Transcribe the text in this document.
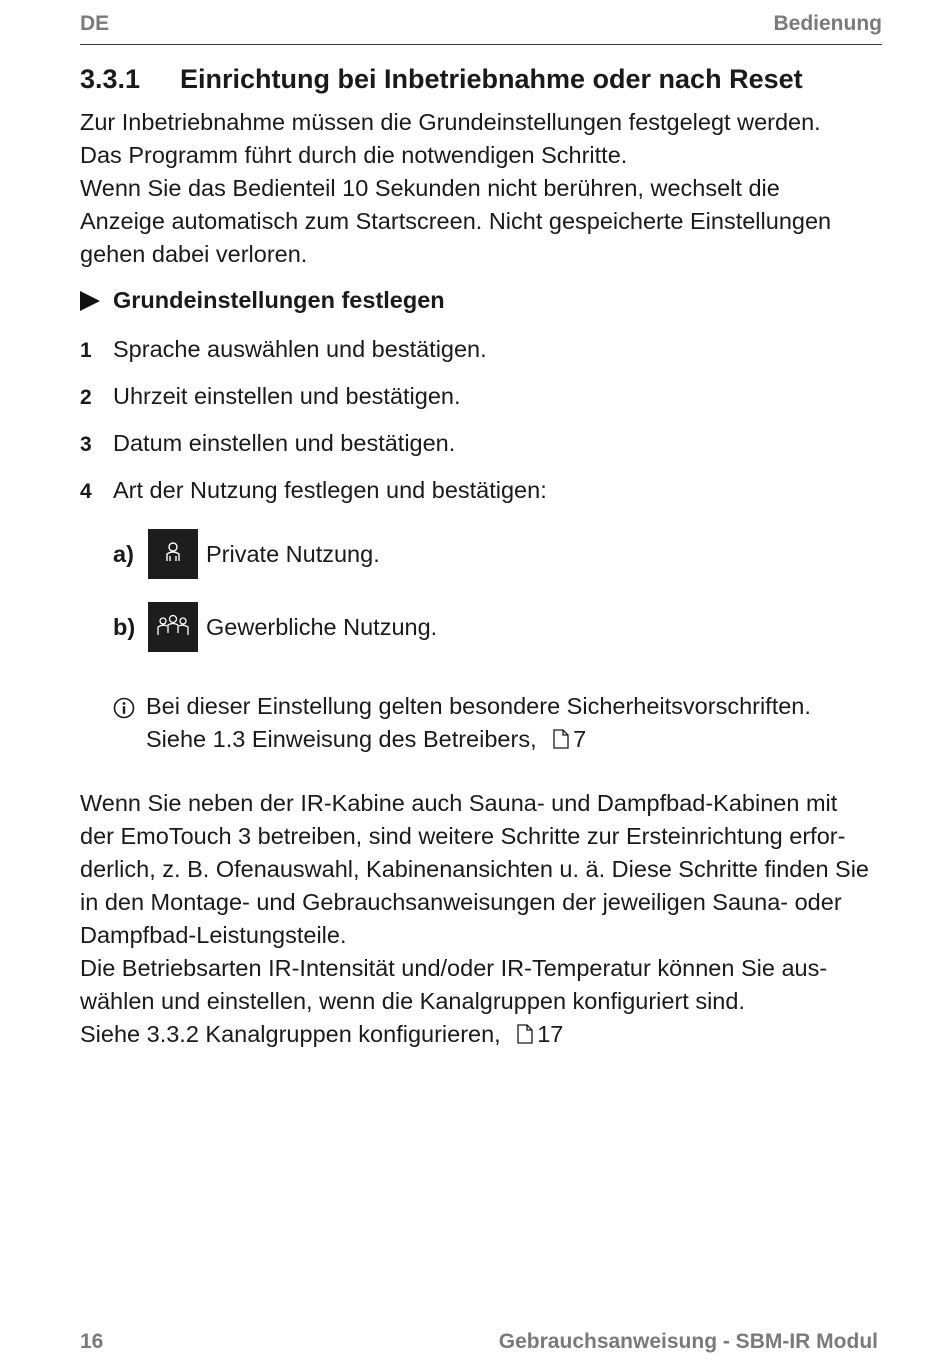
DE	Bedienung
3.3.1 Einrichtung bei Inbetriebnahme oder nach Reset

Zur Inbetriebnahme müssen die Grundeinstellungen festgelegt werden.

Das Programm führt durch die notwendigen Schritte.

Wenn Sie das Bedienteil 10 Sekunden nicht berühren, wechselt die

Anzeige automatisch zum Startscreen. Nicht gespeicherte Einstellungen

gehen dabei verloren.

Grundeinstellungen festlegen
1 Sprache auswählen und bestätigen.
2 Uhrzeit einstellen und bestätigen.
3 Datum einstellen und bestätigen.
4 Art der Nutzung festlegen und bestätigen:
a)	Private Nutzung.
b)	Gewerbliche Nutzung.
Bei dieser Einstellung gelten besondere Sicherheitsvorschriften.
Siehe 1.3 Einweisung des Betreibers, 7

Wenn Sie neben der IR-Kabine auch Sauna- und Dampfbad-Kabinen mit

der EmoTouch 3 betreiben, sind weitere Schritte zur Ersteinrichtung erfor-

derlich, z. B. Ofenauswahl, Kabinenansichten u. ä. Diese Schritte finden Sie

in den Montage- und Gebrauchsanweisungen der jeweiligen Sauna- oder

Dampfbad-Leistungsteile.

Die Betriebsarten IR-Intensität und/oder IR-Temperatur können Sie aus-

wählen und einstellen, wenn die Kanalgruppen konfiguriert sind.

Siehe 3.3.2 Kanalgruppen konfigurieren, 17

16	Gebrauchsanweisung - SBM-IR Modul
